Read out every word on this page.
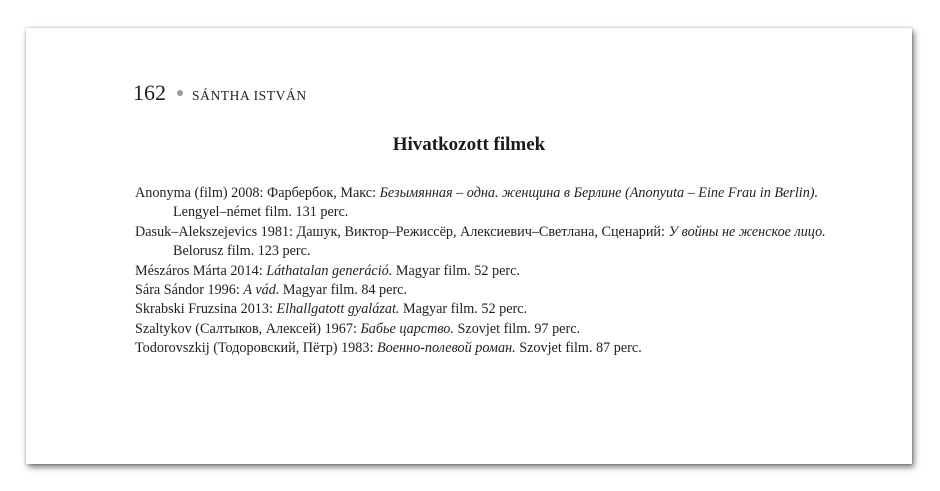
162 SÁNTHA ISTVÁN
Hivatkozott filmek
Anonyma (film) 2008: Фарбербок, Макс: Безымянная – одна. женщина в Берлине (Anonyuta – Eine Frau in Berlin). Lengyel–német film. 131 perc.
Dasuk–Alekszejevics 1981: Дашук, Виктор–Режиссёр, Алексиевич–Светлана, Сценарий: У войны не женское лицо. Belorusz film. 123 perc.
Mészáros Márta 2014: Láthatalan generáció. Magyar film. 52 perc.
Sára Sándor 1996: A vád. Magyar film. 84 perc.
Skrabski Fruzsina 2013: Elhallgatott gyalázat. Magyar film. 52 perc.
Szaltykov (Салтыков, Алексей) 1967: Бабье царство. Szovjet film. 97 perc.
Todorovszkij (Тодоровский, Пётр) 1983: Военно-полевой роман. Szovjet film. 87 perc.
